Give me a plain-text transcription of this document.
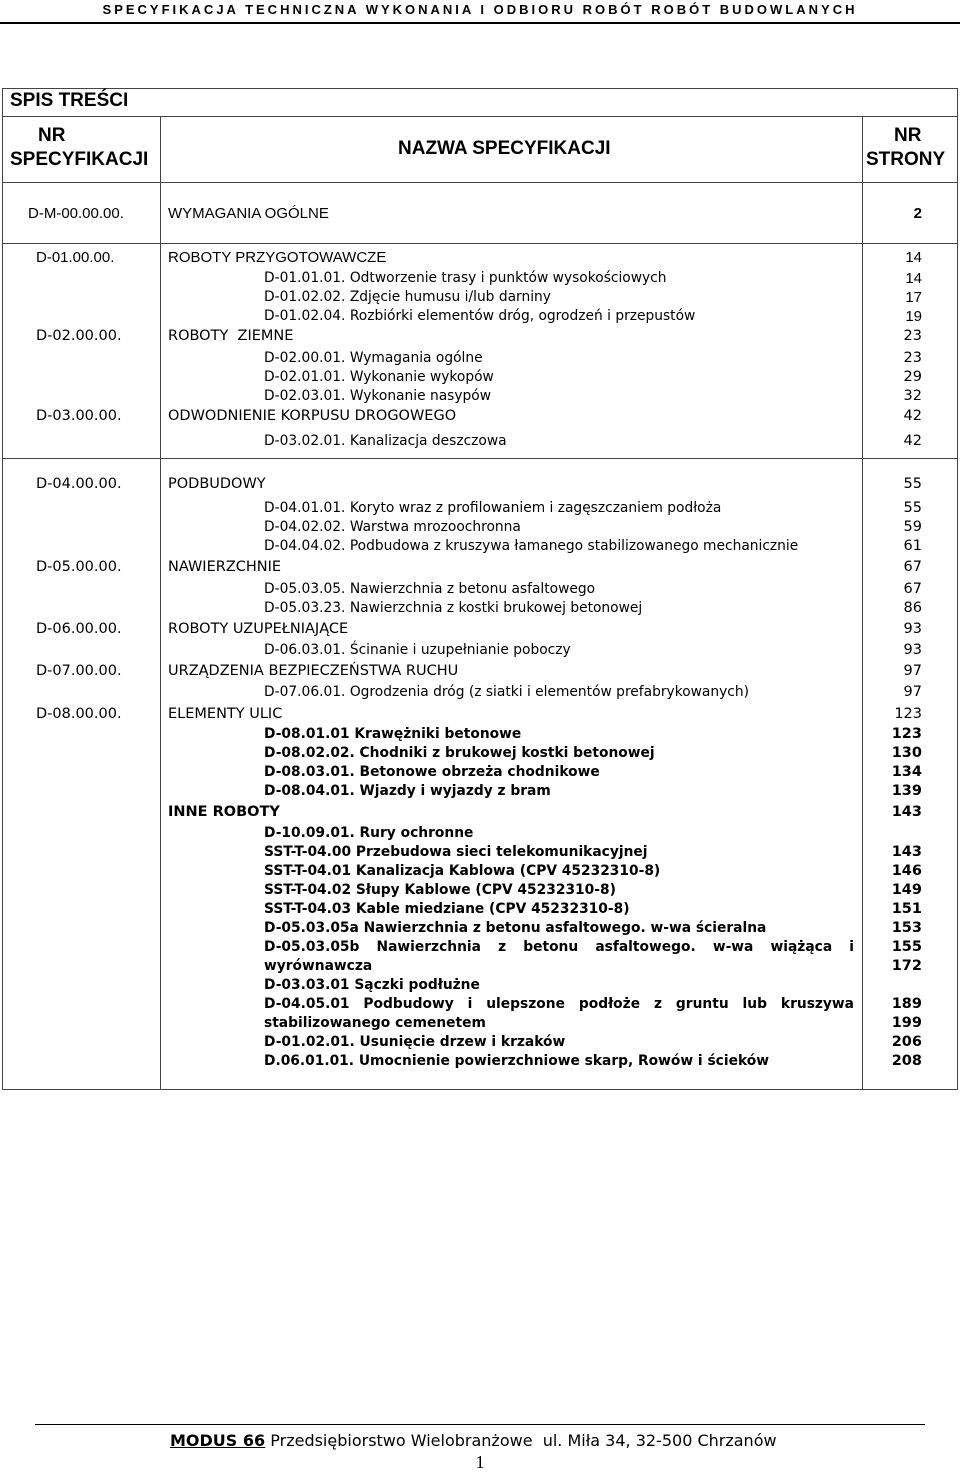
SPECYFIKACJA TECHNICZNA WYKONANIA I ODBIORU ROBÓT ROBÓT BUDOWLANYCH
SPIS TREŚCI
NR
SPECYFIKACJI
NAZWA SPECYFIKACJI
NR
STRONY
D-M-00.00.00.	WYMAGANIA OGÓLNE	2
D-01.00.00.	ROBOTY PRZYGOTOWAWCZE	14
D-01.01.01. Odtworzenie trasy i punktów wysokościowych	14
D-01.02.02. Zdjęcie humusu i/lub darniny	17
D-01.02.04. Rozbiórki elementów dróg, ogrodzeń i przepustów	19
D-02.00.00.	ROBOTY  ZIEMNE	23
D-02.00.01. Wymagania ogólne	23
D-02.01.01. Wykonanie wykopów	29
D-02.03.01. Wykonanie nasypów	32
D-03.00.00.	ODWODNIENIE KORPUSU DROGOWEGO	42
D-03.02.01. Kanalizacja deszczowa	42
D-04.00.00.	PODBUDOWY	55
D-04.01.01. Koryto wraz z profilowaniem i zagęszczaniem podłoża	55
D-04.02.02. Warstwa mrozoochronna	59
D-04.04.02. Podbudowa z kruszywa łamanego stabilizowanego mechanicznie	61
D-05.00.00.	NAWIERZCHNIE	67
D-05.03.05. Nawierzchnia z betonu asfaltowego	67
D-05.03.23. Nawierzchnia z kostki brukowej betonowej	86
D-06.00.00.	ROBOTY UZUPEŁNIAJĄCE	93
D-06.03.01. Ścinanie i uzupełnianie poboczy	93
D-07.00.00.	URZĄDZENIA BEZPIECZEŃSTWA RUCHU	97
D-07.06.01. Ogrodzenia dróg (z siatki i elementów prefabrykowanych)	97
D-08.00.00.	ELEMENTY ULIC	123
D-08.01.01 Krawężniki betonowe	123
D-08.02.02. Chodniki z brukowej kostki betonowej	130
D-08.03.01. Betonowe obrzeża chodnikowe	134
D-08.04.01. Wjazdy i wyjazdy z bram	139
INNE ROBOTY	143
D-10.09.01. Rury ochronne
SST-T-04.00 Przebudowa sieci telekomunikacyjnej	143
SST-T-04.01 Kanalizacja Kablowa (CPV 45232310-8)	146
SST-T-04.02 Słupy Kablowe (CPV 45232310-8)	149
SST-T-04.03 Kable miedziane (CPV 45232310-8)	151
D-05.03.05a Nawierzchnia z betonu asfaltowego. w-wa ścieralna	153
D-05.03.05b Nawierzchnia z betonu asfaltowego. w-wa wiążąca i	155
wyrównawcza	172
D-03.03.01 Sączki podłużne
D-04.05.01 Podbudowy i ulepszone podłoże z gruntu lub kruszywa	189
stabilizowanego cemenetem	199
D-01.02.01. Usunięcie drzew i krzaków	206
D.06.01.01. Umocnienie powierzchniowe skarp, Rowów i ścieków	208
MODUS 66 Przedsiębiorstwo Wielobranżowe  ul. Miła 34, 32-500 Chrzanów
1
